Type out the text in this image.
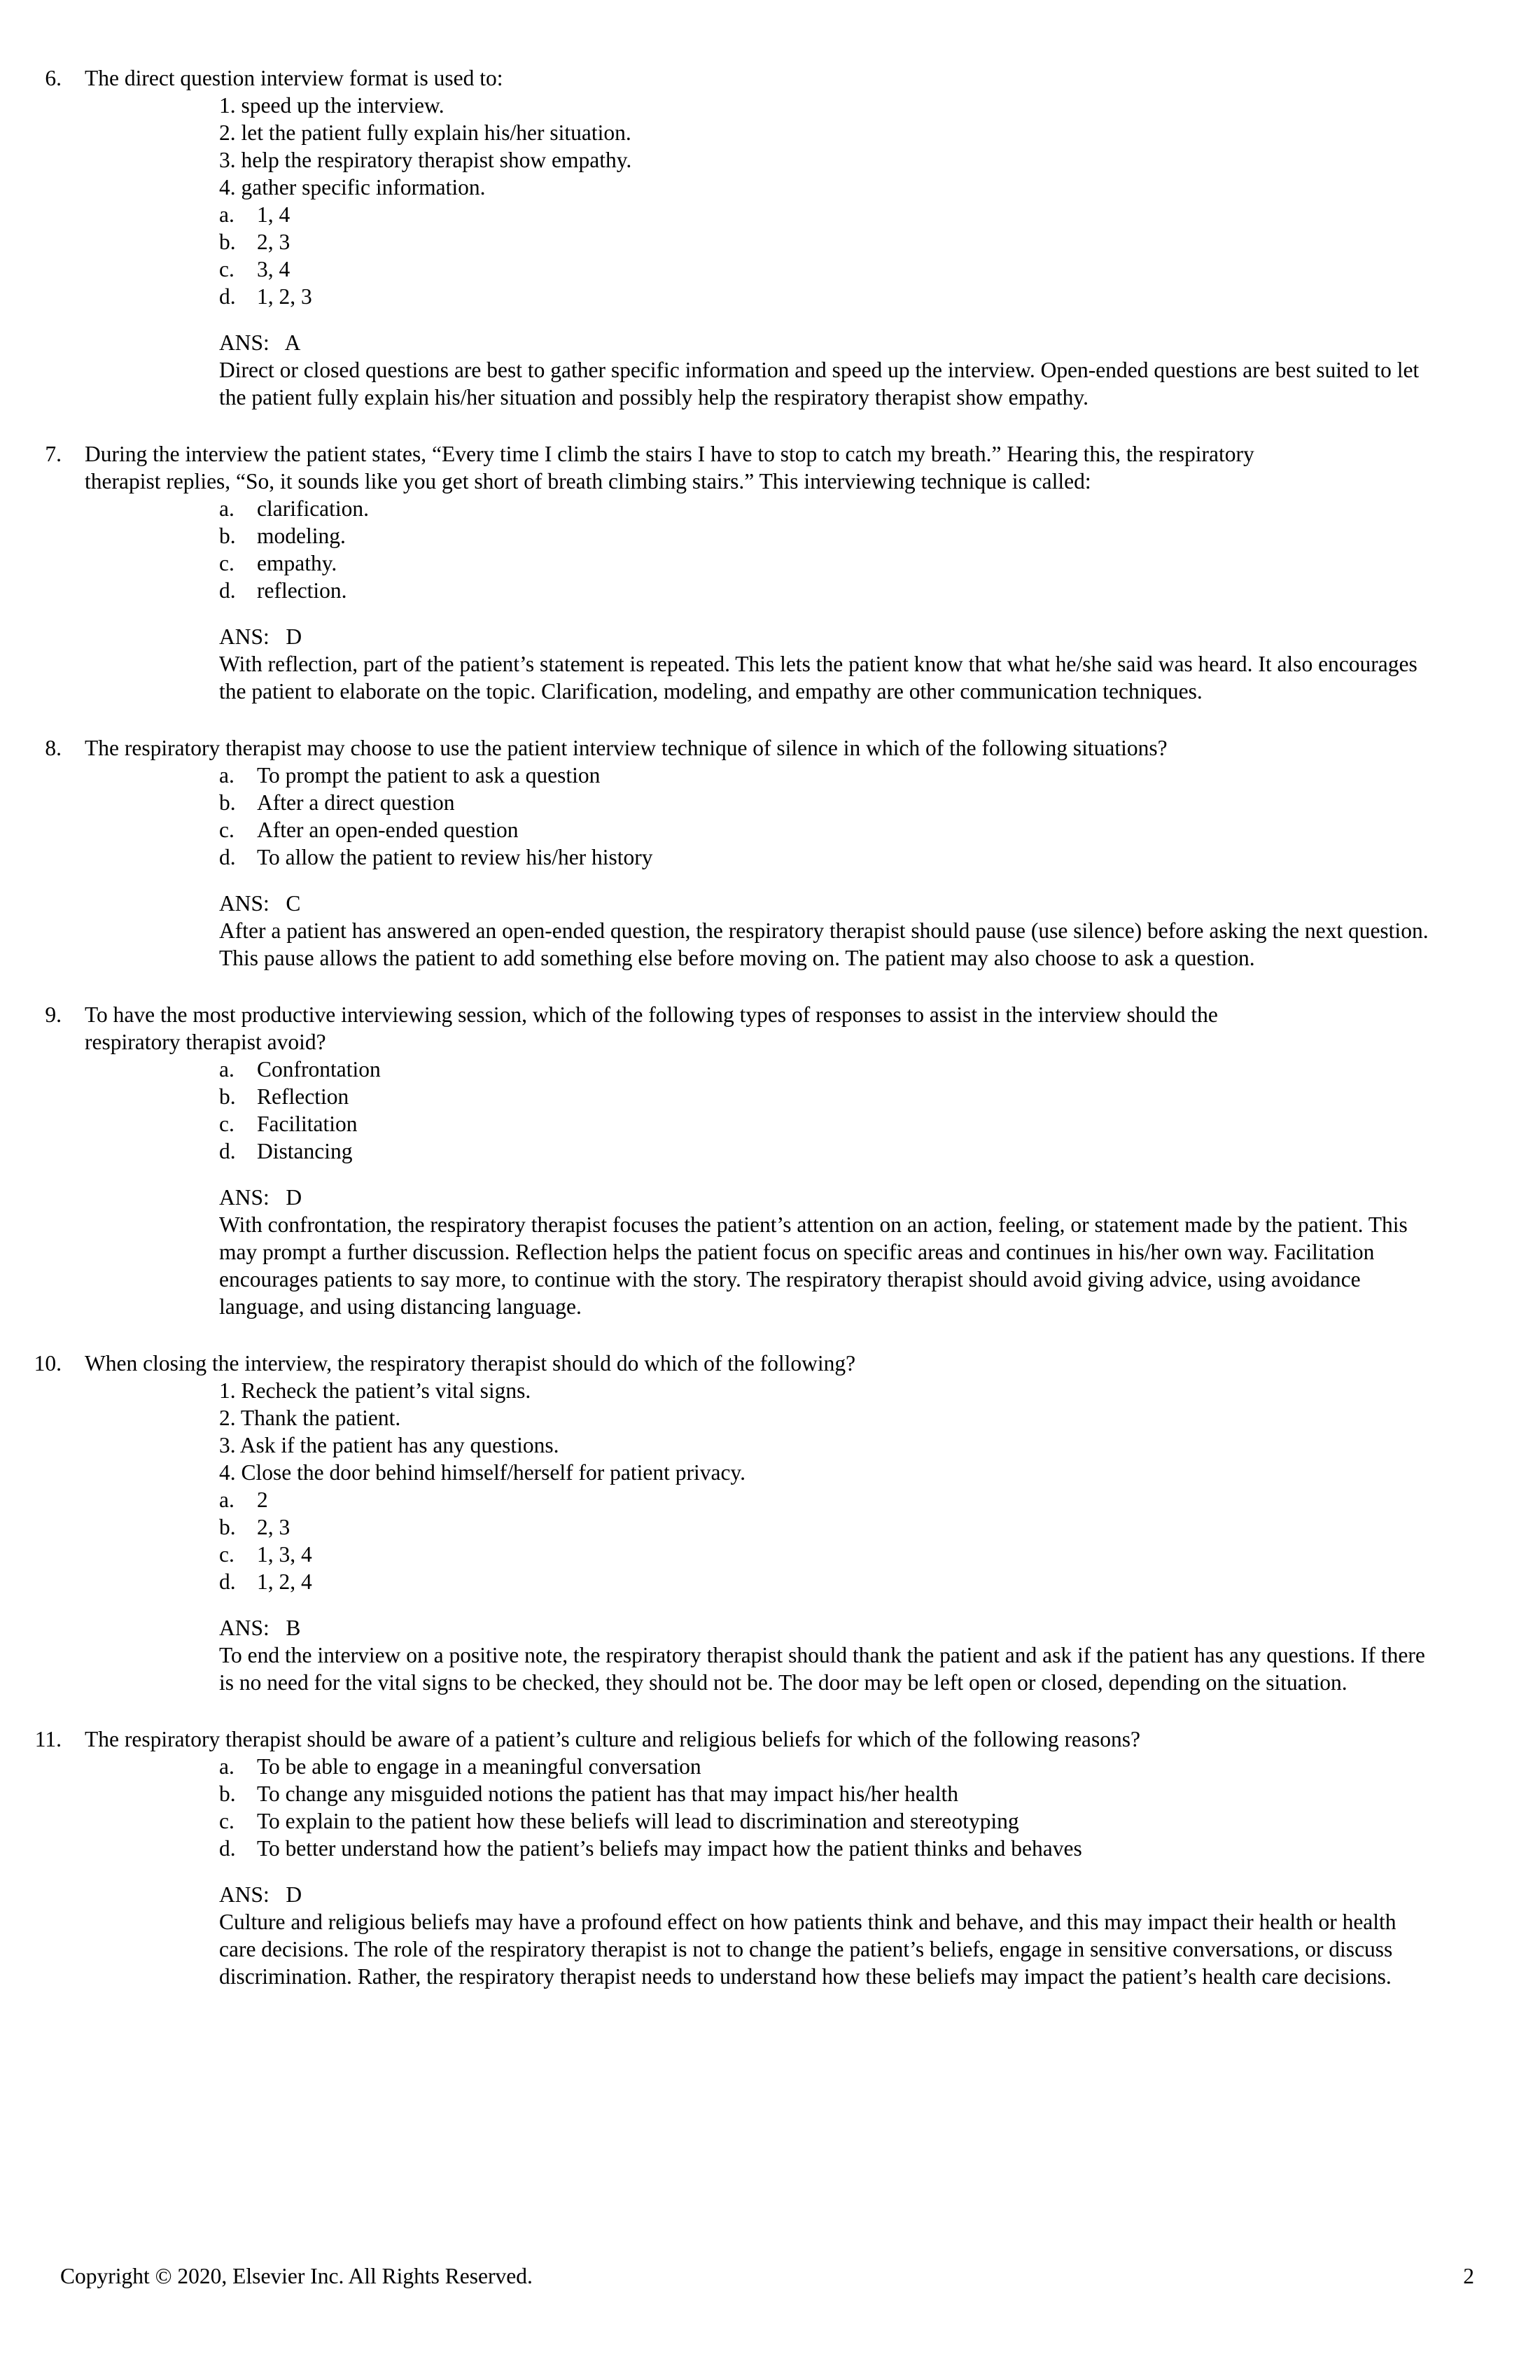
6. The direct question interview format is used to:
1. speed up the interview.
2. let the patient fully explain his/her situation.
3. help the respiratory therapist show empathy.
4. gather specific information.
a.	1, 4
b. 2, 3
c.	3, 4
d. 1, 2, 3
ANS:   A
Direct or closed questions are best to gather specific information and speed up the interview. Open-ended questions are best suited to let the patient fully explain his/her situation and possibly help the respiratory therapist show empathy.
7. During the interview the patient states, “Every time I climb the stairs I have to stop to catch my breath.” Hearing this, the respiratory therapist replies, “So, it sounds like you get short of breath climbing stairs.” This interviewing technique is called:
a.	clarification.
b. modeling.
c.	empathy.
d. reflection.
ANS:   D
With reflection, part of the patient’s statement is repeated. This lets the patient know that what he/she said was heard. It also encourages the patient to elaborate on the topic. Clarification, modeling, and empathy are other communication techniques.
8. The respiratory therapist may choose to use the patient interview technique of silence in which of the following situations?
a.	To prompt the patient to ask a question
b. After a direct question
c.	After an open-ended question
d. To allow the patient to review his/her history
ANS:   C
After a patient has answered an open-ended question, the respiratory therapist should pause (use silence) before asking the next question. This pause allows the patient to add something else before moving on. The patient may also choose to ask a question.
9. To have the most productive interviewing session, which of the following types of responses to assist in the interview should the respiratory therapist avoid?
a.	Confrontation
b. Reflection
c.	Facilitation
d. Distancing
ANS:   D
With confrontation, the respiratory therapist focuses the patient’s attention on an action, feeling, or statement made by the patient. This may prompt a further discussion. Reflection helps the patient focus on specific areas and continues in his/her own way. Facilitation encourages patients to say more, to continue with the story. The respiratory therapist should avoid giving advice, using avoidance language, and using distancing language.
10. When closing the interview, the respiratory therapist should do which of the following?
1. Recheck the patient’s vital signs.
2. Thank the patient.
3. Ask if the patient has any questions.
4. Close the door behind himself/herself for patient privacy.
a.	2
b. 2, 3
c.	1, 3, 4
d. 1, 2, 4
ANS:   B
To end the interview on a positive note, the respiratory therapist should thank the patient and ask if the patient has any questions. If there is no need for the vital signs to be checked, they should not be. The door may be left open or closed, depending on the situation.
11. The respiratory therapist should be aware of a patient’s culture and religious beliefs for which of the following reasons?
a.	To be able to engage in a meaningful conversation
b. To change any misguided notions the patient has that may impact his/her health
c.	To explain to the patient how these beliefs will lead to discrimination and stereotyping
d. To better understand how the patient’s beliefs may impact how the patient thinks and behaves
ANS:   D
Culture and religious beliefs may have a profound effect on how patients think and behave, and this may impact their health or health care decisions. The role of the respiratory therapist is not to change the patient’s beliefs, engage in sensitive conversations, or discuss discrimination. Rather, the respiratory therapist needs to understand how these beliefs may impact the patient’s health care decisions.
Copyright © 2020, Elsevier Inc. All Rights Reserved.	2
